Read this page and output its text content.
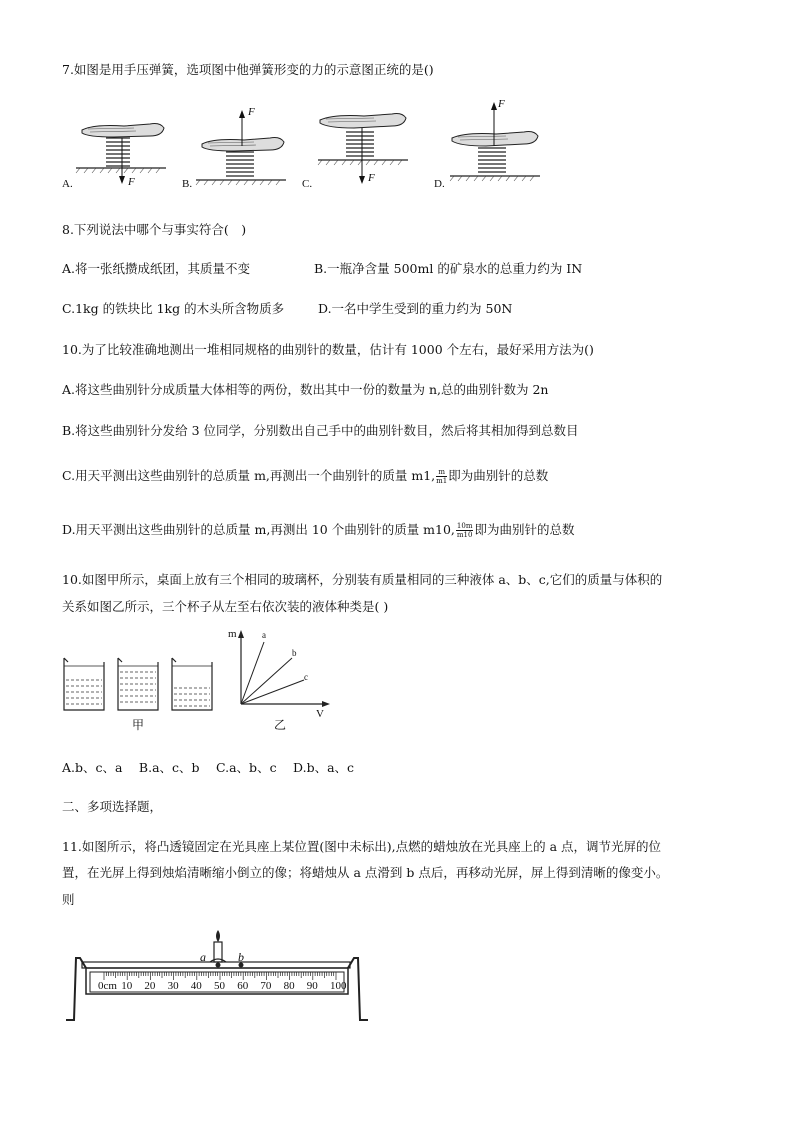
7.如图是用手压弹簧，选项图中他弹簧形变的力的示意图正统的是()
A.	F	B.
F
C.	F	D.
F
8.下列说法中哪个与事实符合(　)
A.将一张纸攒成纸团，其质量不变	B.一瓶净含量 500ml 的矿泉水的总重力约为 IN
C.1kg 的铁块比 1kg 的木头所含物质多	D.一名中学生受到的重力约为 50N
10.为了比较准确地测出一堆相同规格的曲别针的数量，估计有 1000 个左右，最好采用方法为()
A.将这些曲别针分成质量大体相等的两份，数出其中一份的数量为 n,总的曲别针数为 2n
B.将这些曲别针分发给 3 位同学，分别数出自己手中的曲别针数目，然后将其相加得到总数目
C.用天平测出这些曲别针的总质量 m,再测出一个曲别针的质量 m1, $\frac{m}{m1}$ 即为曲别针的总数
D.用天平测出这些曲别针的总质量 m,再测出 10 个曲别针的质量 m10, $\frac{10m}{m10}$ 即为曲别针的总数
10.如图甲所示，桌面上放有三个相同的玻璃杯，分别装有质量相同的三种液体 a、b、c,它们的质量与体积的
关系如图乙所示，三个杯子从左至右依次装的液体种类是( )
甲
m
V
a
b
c
乙
A.b、c、a　 B.a、c、b　 C.a、b、c　 D.b、a、c
二、多项选择题，
11.如图所示，将凸透镜固定在光具座上某位置(图中未标出),点燃的蜡烛放在光具座上的 a 点，调节光屏的位
置，在光屏上得到烛焰清晰缩小倒立的像；将蜡烛从 a 点滑到 b 点后，再移动光屏，屏上得到清晰的像变小。
则
a	b
0cm 10 20 30 40 50 60 70 80 90 100
